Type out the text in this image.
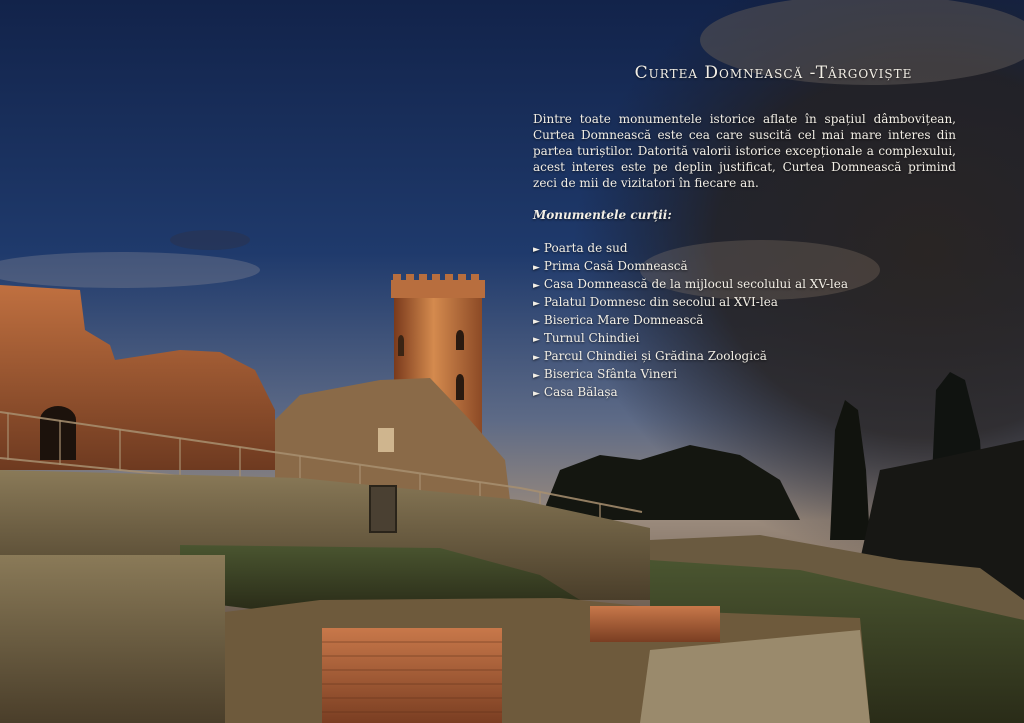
Curtea Domnească -Târgoviște

Dintre toate monumentele istorice aflate în spațiul dâmbovițean, Curtea Domnească este cea care suscită cel mai mare interes din partea turiștilor. Datorită valorii istorice excepționale a complexului, acest interes este pe deplin justificat, Curtea Domnească primind zeci de mii de vizitatori în fiecare an.

Monumentele curții:
► Poarta de sud
► Prima Casă Domnească
► Casa Domnească de la mijlocul secolului al XV-lea
► Palatul Domnesc din secolul al XVI-lea
► Biserica Mare Domnească
► Turnul Chindiei
► Parcul Chindiei și Grădina Zoologică
► Biserica Sfânta Vineri
► Casa Bălașa
